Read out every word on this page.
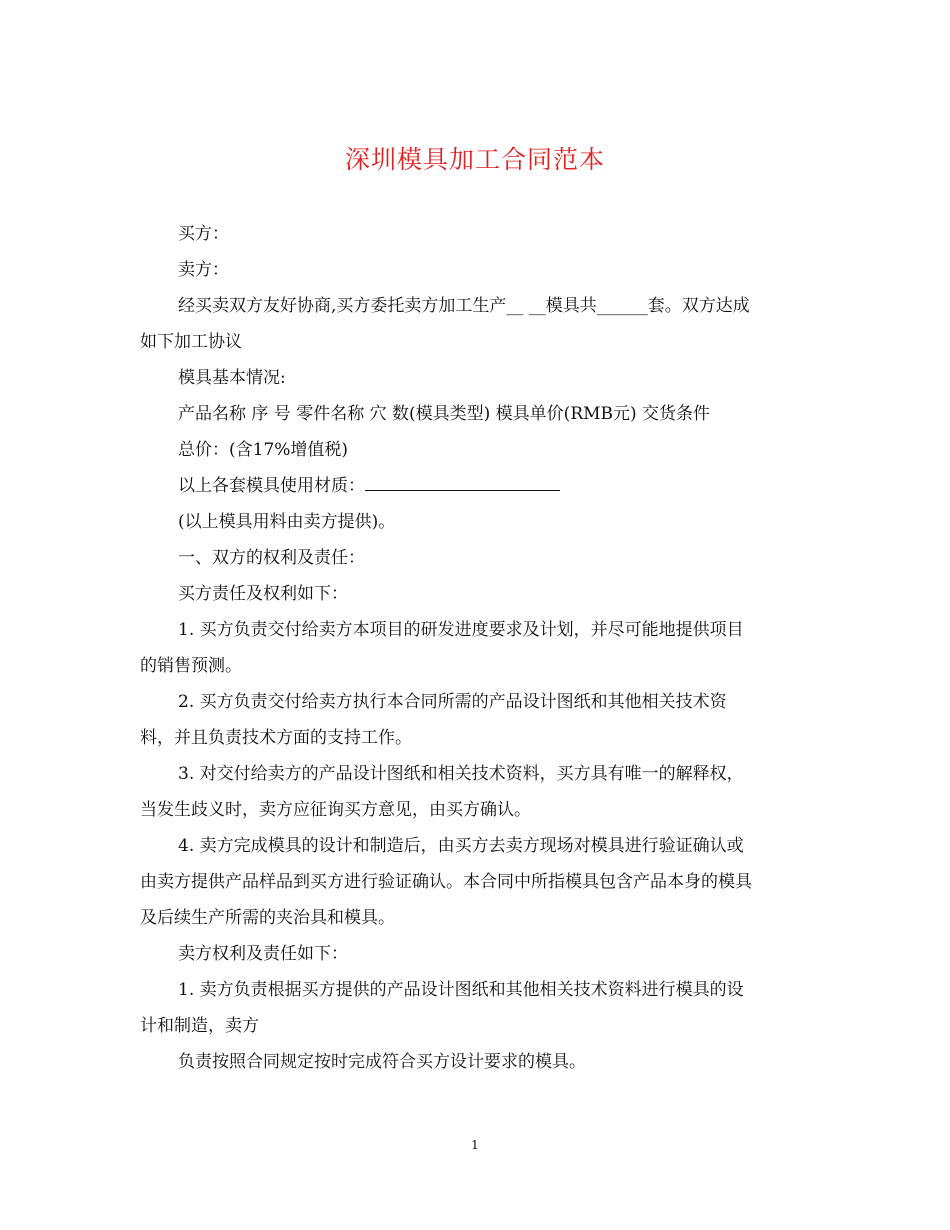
深圳模具加工合同范本
买方：
卖方：
经买卖双方友好协商,买方委托卖方加工生产__ __模具共______套。双方达成
如下加工协议
模具基本情况:
产品名称 序 号 零件名称 穴 数(模具类型) 模具单价(RMB元) 交货条件
总价：(含17%增值税)
以上各套模具使用材质：
(以上模具用料由卖方提供)。
一、双方的权利及责任：
买方责任及权利如下：
1. 买方负责交付给卖方本项目的研发进度要求及计划，并尽可能地提供项目
的销售预测。
2. 买方负责交付给卖方执行本合同所需的产品设计图纸和其他相关技术资
料，并且负责技术方面的支持工作。
3. 对交付给卖方的产品设计图纸和相关技术资料，买方具有唯一的解释权，
当发生歧义时，卖方应征询买方意见，由买方确认。
4. 卖方完成模具的设计和制造后，由买方去卖方现场对模具进行验证确认或
由卖方提供产品样品到买方进行验证确认。本合同中所指模具包含产品本身的模具
及后续生产所需的夹治具和模具。
卖方权利及责任如下：
1. 卖方负责根据买方提供的产品设计图纸和其他相关技术资料进行模具的设
计和制造，卖方
负责按照合同规定按时完成符合买方设计要求的模具。
1
